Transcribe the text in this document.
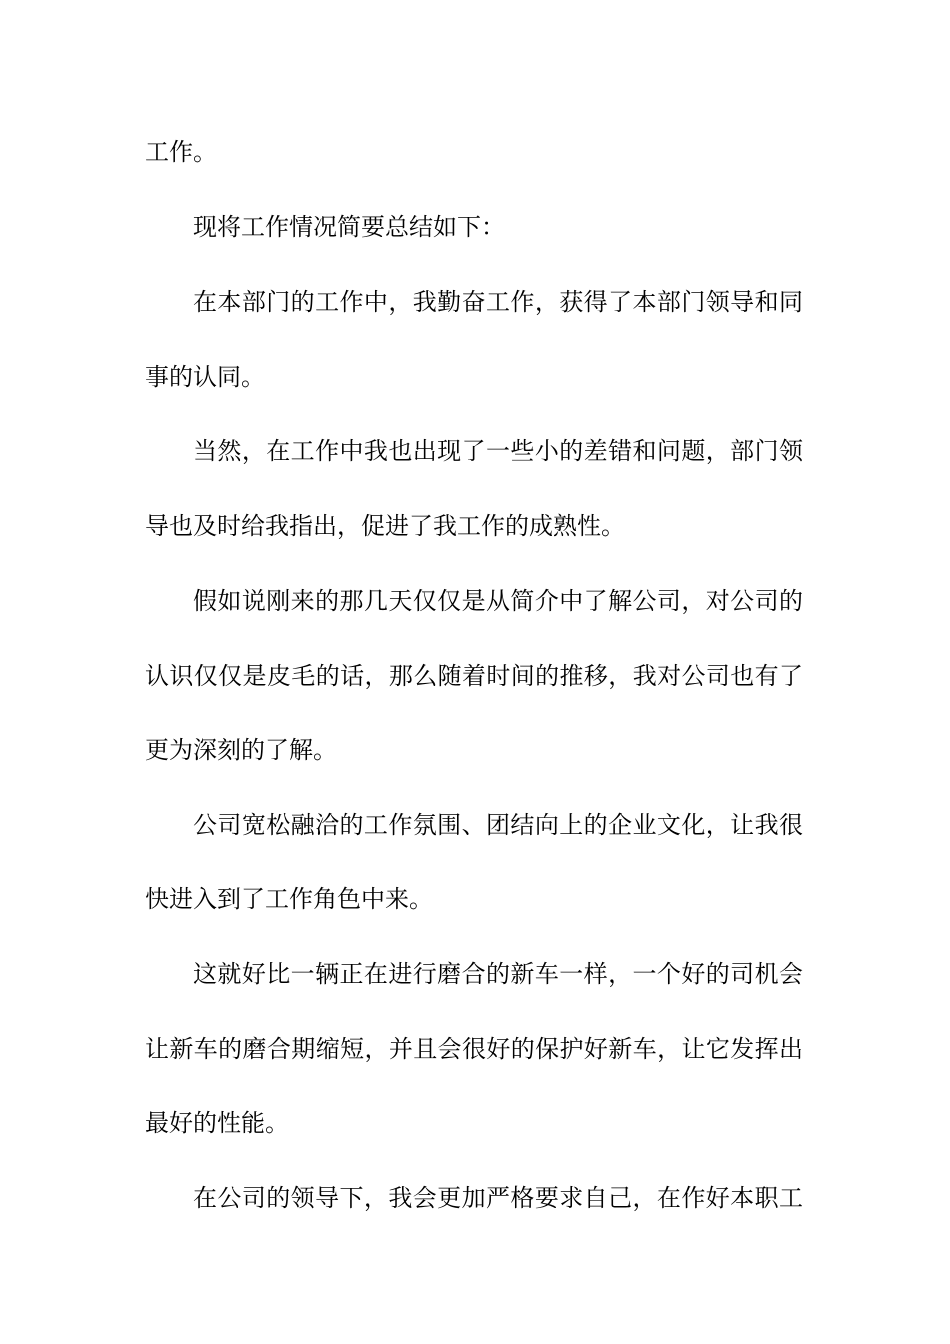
工作。
现将工作情况简要总结如下：
在本部门的工作中，我勤奋工作，获得了本部门领导和同
事的认同。
当然，在工作中我也出现了一些小的差错和问题，部门领
导也及时给我指出，促进了我工作的成熟性。
假如说刚来的那几天仅仅是从简介中了解公司，对公司的
认识仅仅是皮毛的话，那么随着时间的推移，我对公司也有了
更为深刻的了解。
公司宽松融洽的工作氛围、团结向上的企业文化，让我很
快进入到了工作角色中来。
这就好比一辆正在进行磨合的新车一样，一个好的司机会
让新车的磨合期缩短，并且会很好的保护好新车，让它发挥出
最好的性能。
在公司的领导下，我会更加严格要求自己，在作好本职工
